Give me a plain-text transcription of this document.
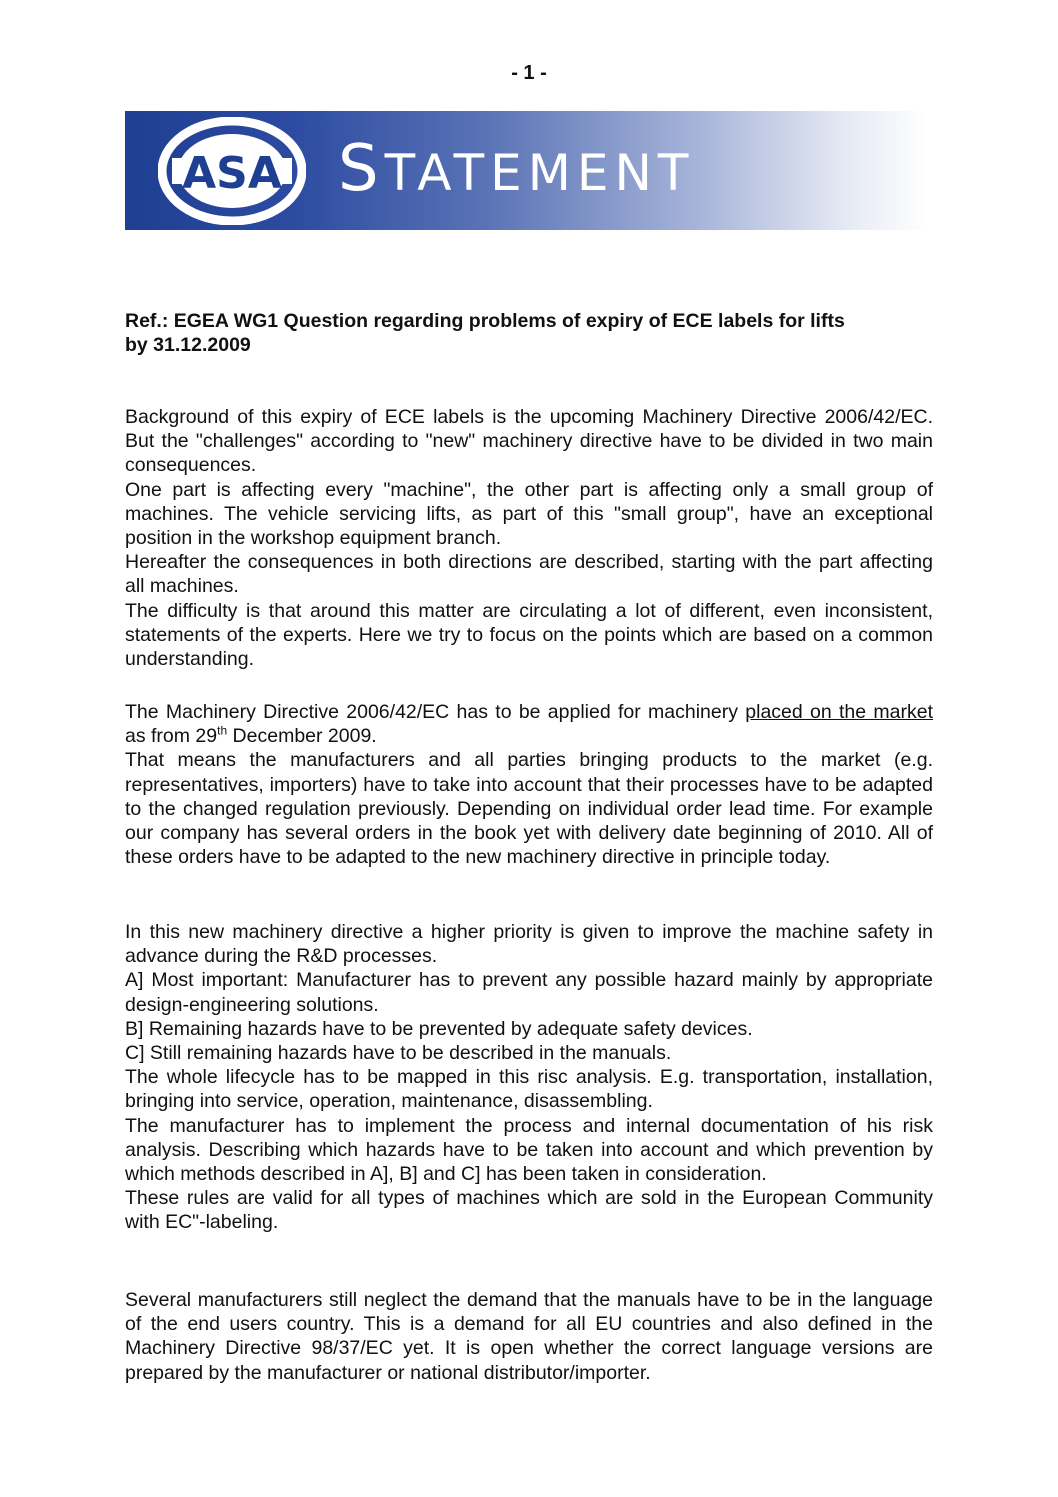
- 1 -
ASA STATEMENT
Ref.: EGEA WG1 Question regarding problems of expiry of ECE labels for lifts
by 31.12.2009

Background of this expiry of ECE labels is the upcoming Machinery Directive 2006/42/EC. But the "challenges" according to "new" machinery directive have to be divided in two main consequences.

One part is affecting every "machine", the other part is affecting only a small group of machines. The vehicle servicing lifts, as part of this "small group", have an exceptional position in the workshop equipment branch.

Hereafter the consequences in both directions are described, starting with the part affecting all machines.

The difficulty is that around this matter are circulating a lot of different, even inconsistent, statements of the experts. Here we try to focus on the points which are based on a common understanding.

The Machinery Directive 2006/42/EC has to be applied for machinery placed on the market as from 29th December 2009.

That means the manufacturers and all parties bringing products to the market (e.g. representatives, importers) have to take into account that their processes have to be adapted to the changed regulation previously. Depending on individual order lead time. For example our company has several orders in the book yet with delivery date beginning of 2010. All of these orders have to be adapted to the new machinery directive in principle today.

In this new machinery directive a higher priority is given to improve the machine safety in advance during the R&D processes.

A] Most important: Manufacturer has to prevent any possible hazard mainly by appropriate design-engineering solutions.

B] Remaining hazards have to be prevented by adequate safety devices.

C] Still remaining hazards have to be described in the manuals.

The whole lifecycle has to be mapped in this risc analysis. E.g. transportation, installation, bringing into service, operation, maintenance, disassembling.

The manufacturer has to implement the process and internal documentation of his risk analysis. Describing which hazards have to be taken into account and which prevention by which methods described in A], B] and C] has been taken in consideration.

These rules are valid for all types of machines which are sold in the European Community with EC"-labeling.

Several manufacturers still neglect the demand that the manuals have to be in the language of the end users country. This is a demand for all EU countries and also defined in the Machinery Directive 98/37/EC yet. It is open whether the correct language versions are prepared by the manufacturer or national distributor/importer.
